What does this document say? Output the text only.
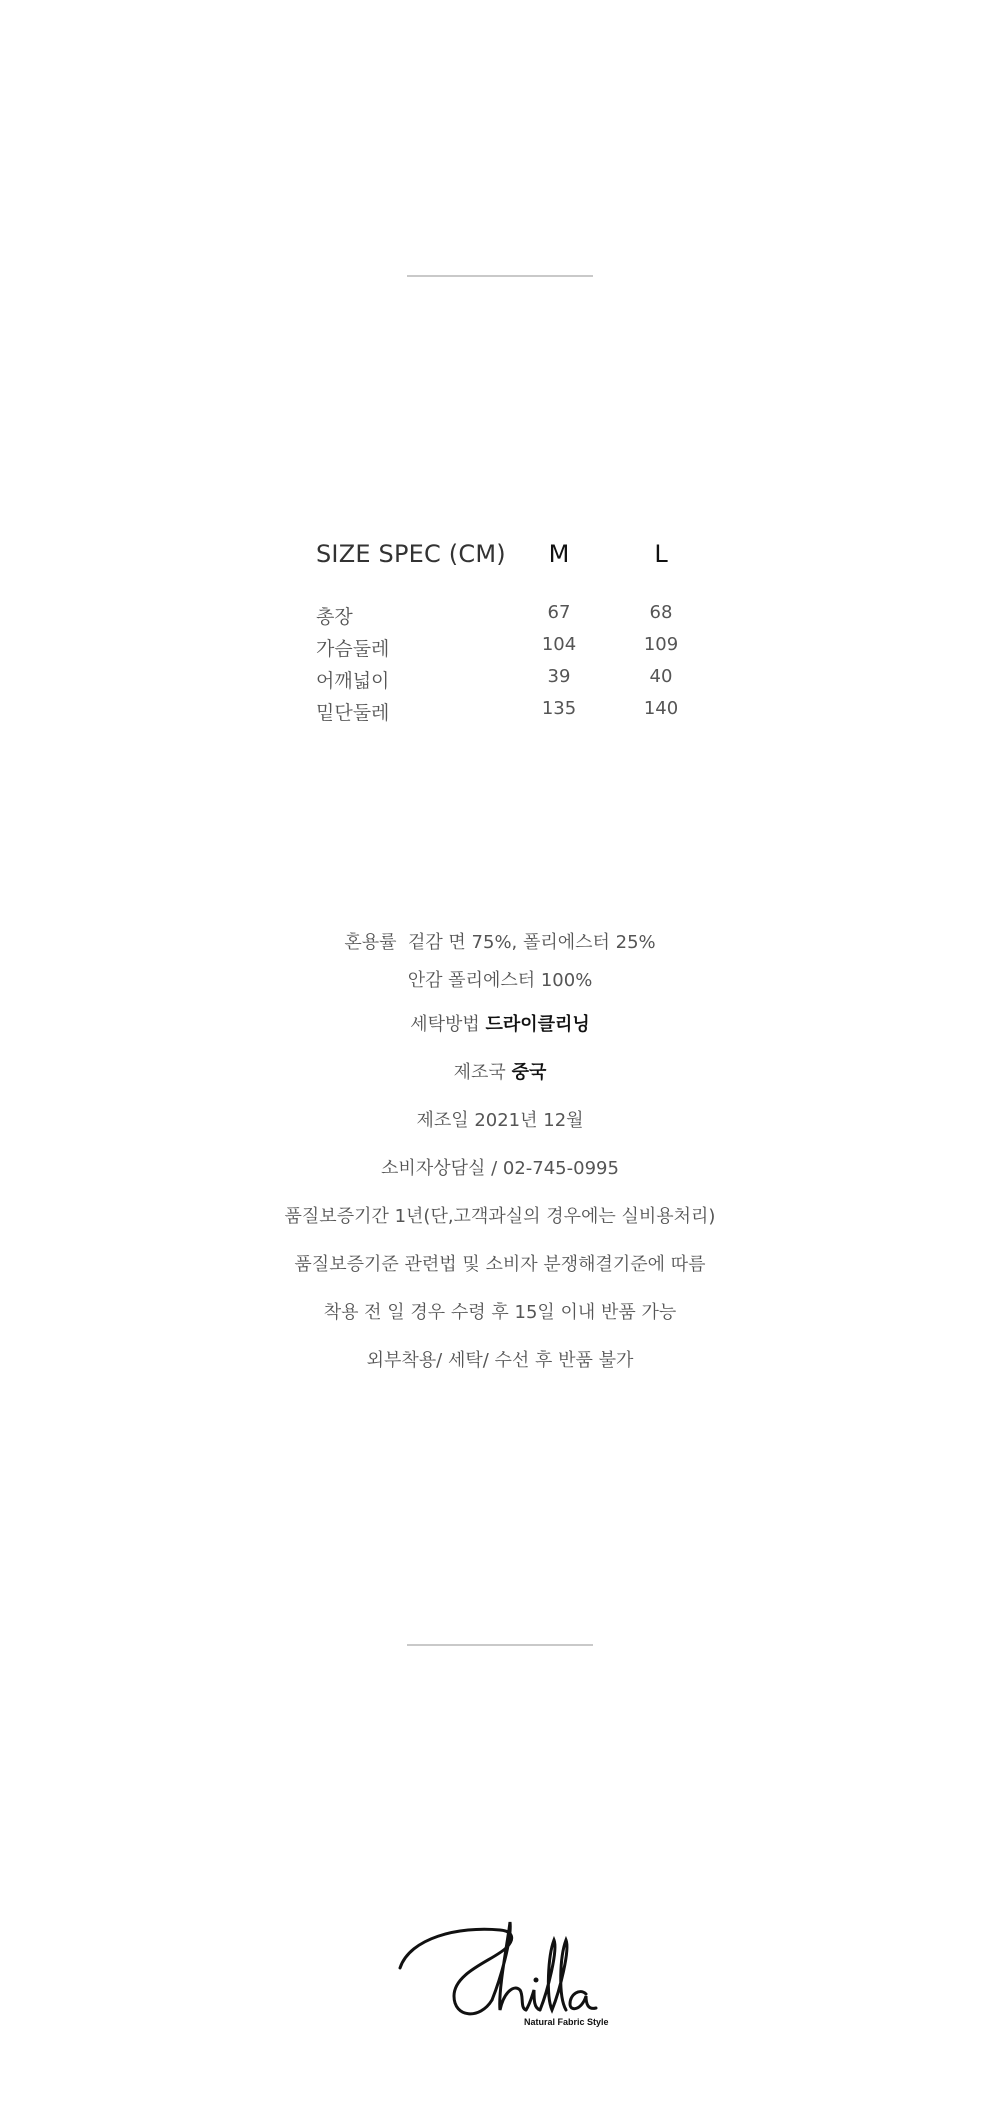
SIZE SPEC (CM)	M	L
총장	67	68
가슴둘레	104	109
어깨넓이	39	40
밑단둘레	135	140
혼용률 겉감 면 75%, 폴리에스터 25%
안감 폴리에스터 100%
세탁방법 드라이클리닝
제조국 중국
제조일 2021년 12월
소비자상담실 / 02-745-0995
품질보증기간 1년(단,고객과실의 경우에는 실비용처리)
품질보증기준 관련법 및 소비자 분쟁해결기준에 따름
착용 전 일 경우 수령 후 15일 이내 반품 가능
외부착용/ 세탁/ 수선 후 반품 불가
Natural Fabric Style
